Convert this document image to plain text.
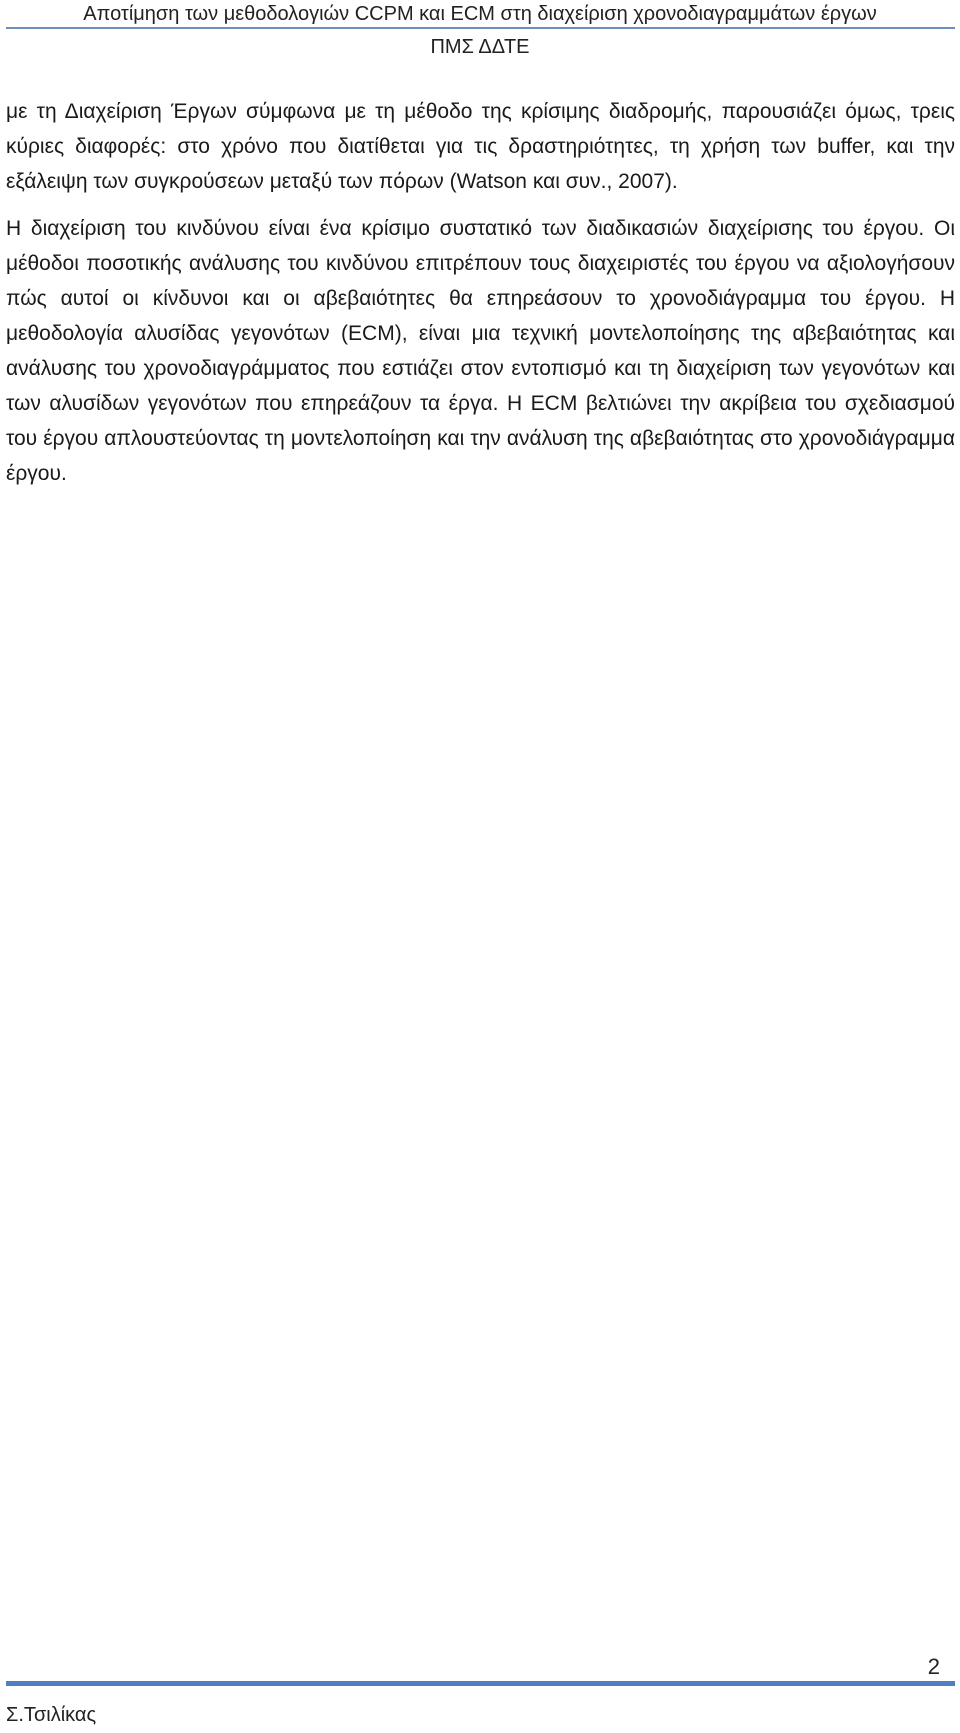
Αποτίμηση των μεθοδολογιών CCPM και ECM στη διαχείριση χρονοδιαγραμμάτων έργων
ΠΜΣ ΔΔΤΕ

με τη Διαχείριση Έργων σύμφωνα με τη μέθοδο της κρίσιμης διαδρομής, παρουσιάζει όμως, τρεις κύριες διαφορές: στο χρόνο που διατίθεται για τις δραστηριότητες, τη χρήση των buffer, και την εξάλειψη των συγκρούσεων μεταξύ των πόρων (Watson και συν., 2007).

Η διαχείριση του κινδύνου είναι ένα κρίσιμο συστατικό των διαδικασιών διαχείρισης του έργου. Οι μέθοδοι ποσοτικής ανάλυσης του κινδύνου επιτρέπουν τους διαχειριστές του έργου να αξιολογήσουν πώς αυτοί οι κίνδυνοι και οι αβεβαιότητες θα επηρεάσουν το χρονοδιάγραμμα του έργου. Η μεθοδολογία αλυσίδας γεγονότων (ECM), είναι μια τεχνική μοντελοποίησης της αβεβαιότητας και ανάλυσης του χρονοδιαγράμματος που εστιάζει στον εντοπισμό και τη διαχείριση των γεγονότων και των αλυσίδων γεγονότων που επηρεάζουν τα έργα. Η ECM βελτιώνει την ακρίβεια του σχεδιασμού του έργου απλουστεύοντας τη μοντελοποίηση και την ανάλυση της αβεβαιότητας στο χρονοδιάγραμμα έργου.

2
Σ.Τσιλίκας
